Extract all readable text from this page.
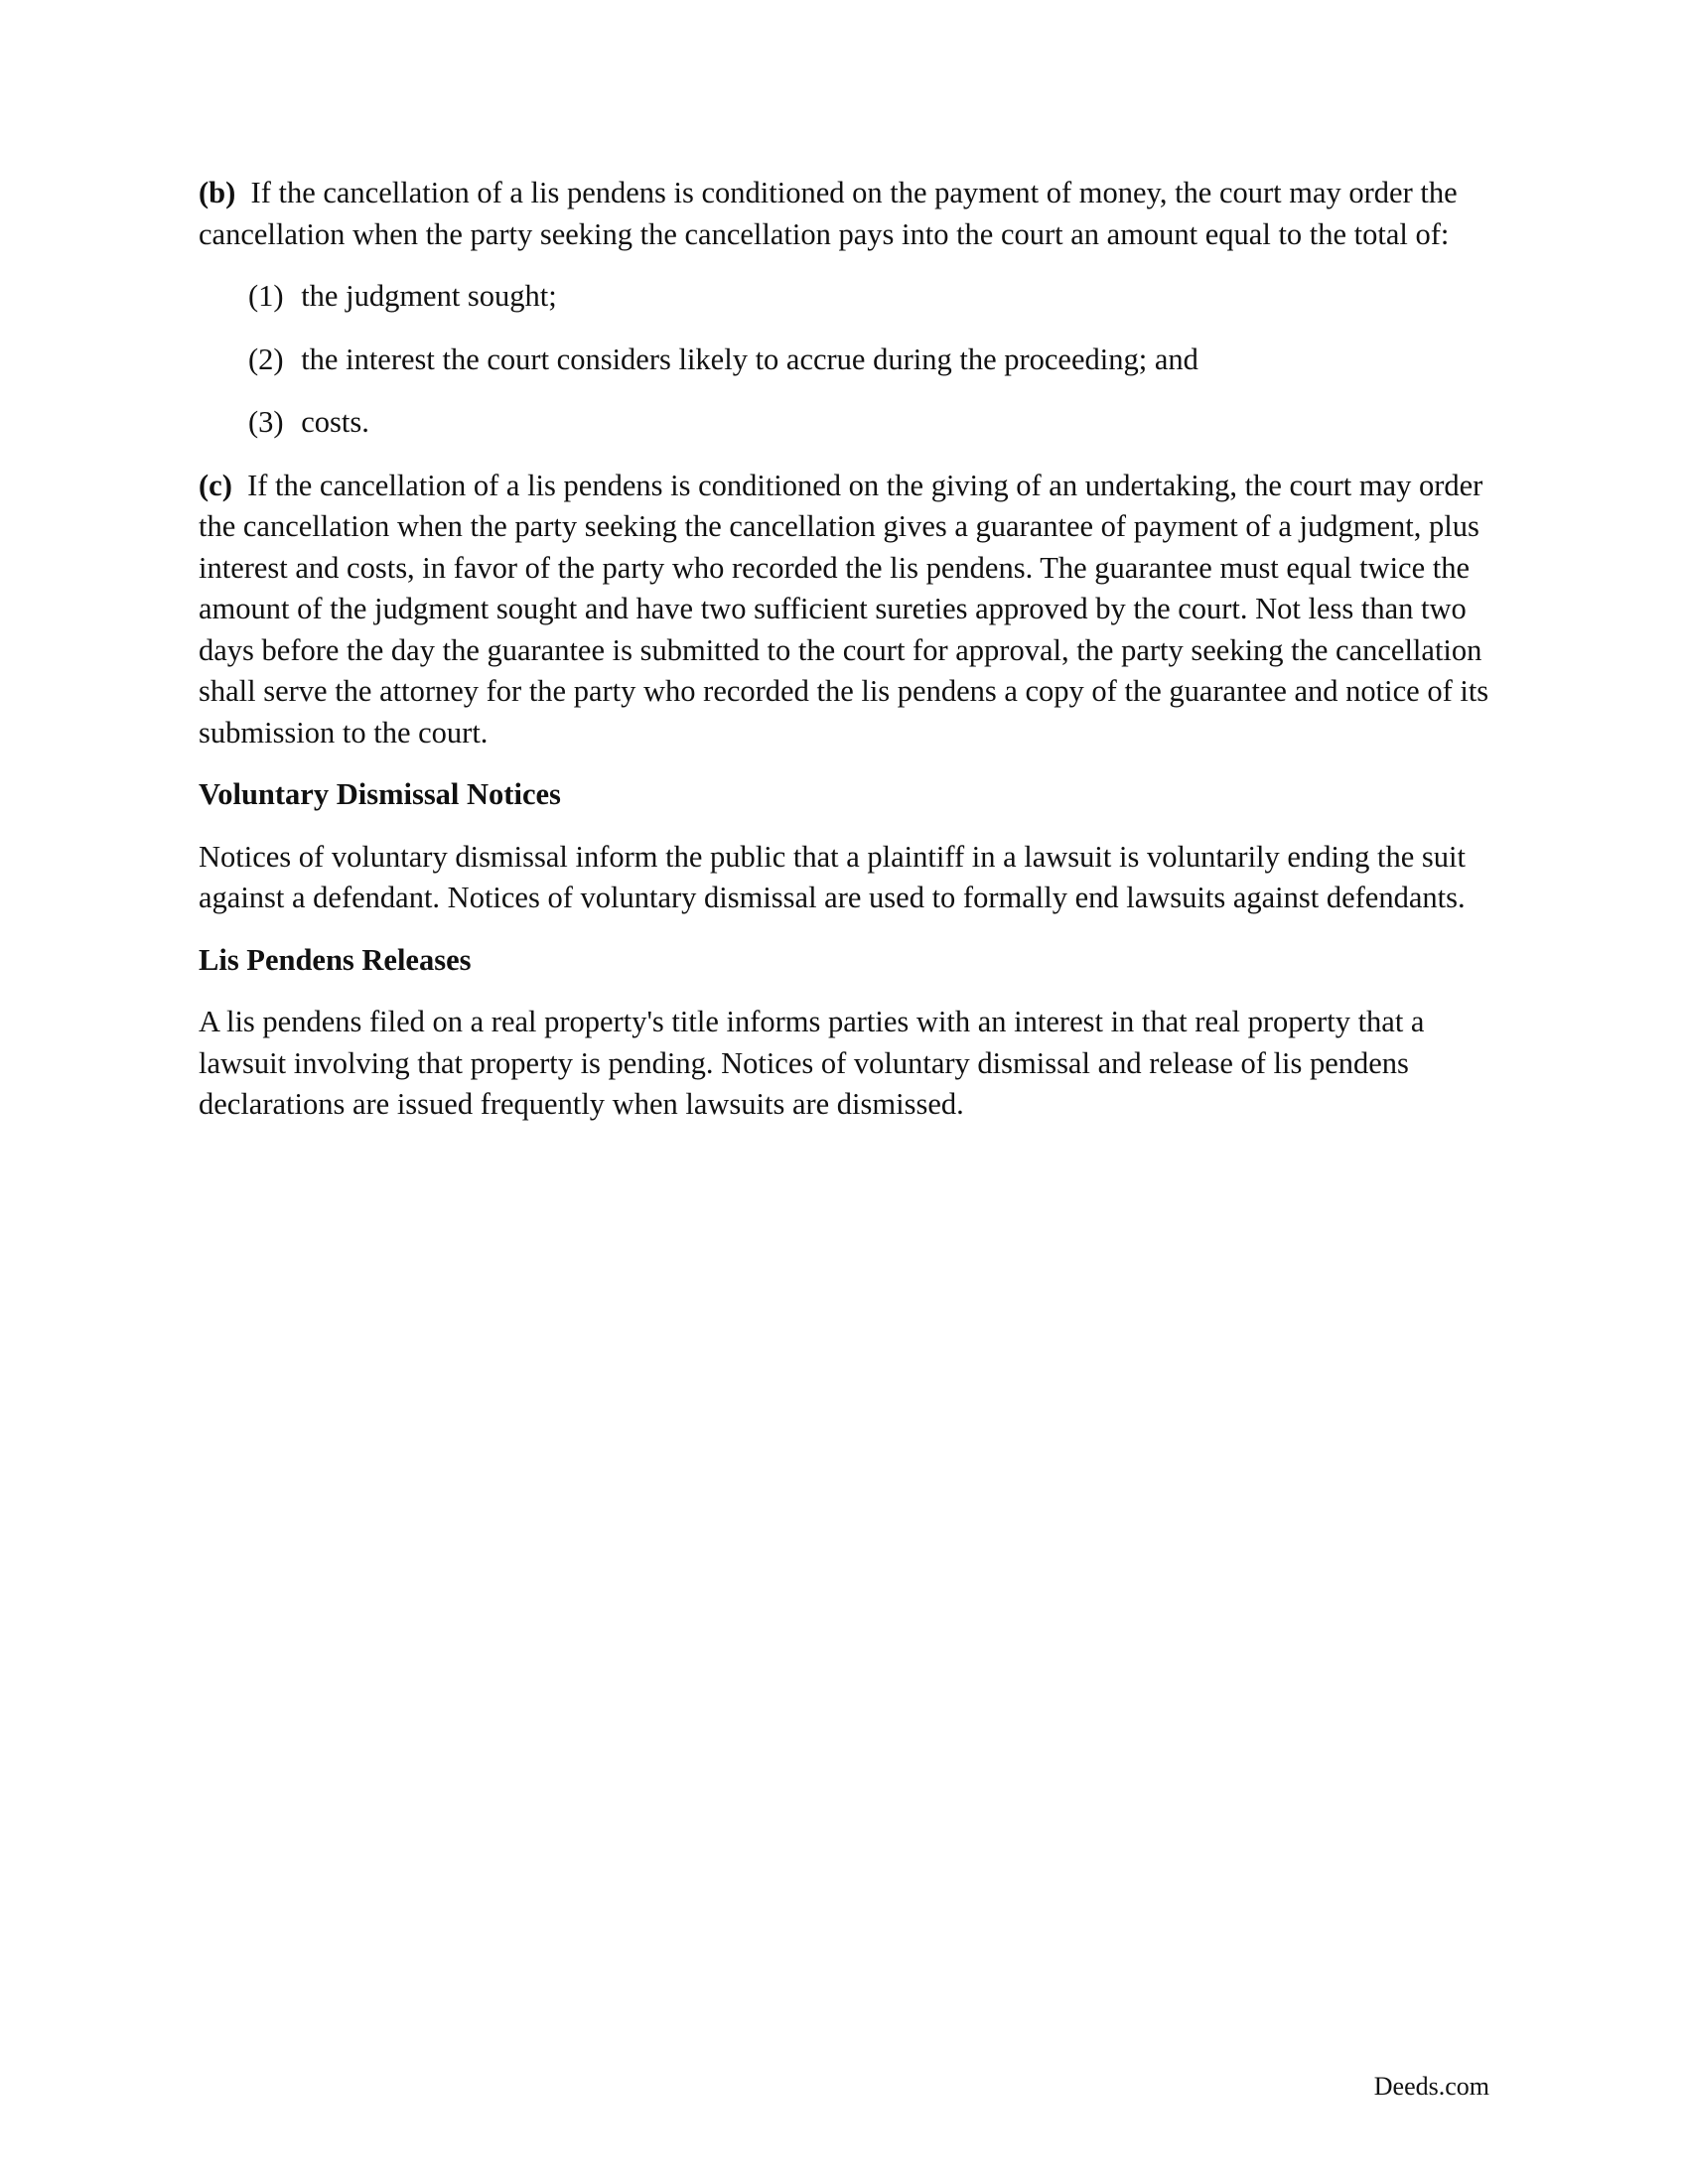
(b) If the cancellation of a lis pendens is conditioned on the payment of money, the court may order the cancellation when the party seeking the cancellation pays into the court an amount equal to the total of:

(1) the judgment sought;
(2) the interest the court considers likely to accrue during the proceeding; and
(3) costs.

(c) If the cancellation of a lis pendens is conditioned on the giving of an undertaking, the court may order the cancellation when the party seeking the cancellation gives a guarantee of payment of a judgment, plus interest and costs, in favor of the party who recorded the lis pendens. The guarantee must equal twice the amount of the judgment sought and have two sufficient sureties approved by the court. Not less than two days before the day the guarantee is submitted to the court for approval, the party seeking the cancellation shall serve the attorney for the party who recorded the lis pendens a copy of the guarantee and notice of its submission to the court.

Voluntary Dismissal Notices

Notices of voluntary dismissal inform the public that a plaintiff in a lawsuit is voluntarily ending the suit against a defendant. Notices of voluntary dismissal are used to formally end lawsuits against defendants.

Lis Pendens Releases

A lis pendens filed on a real property's title informs parties with an interest in that real property that a lawsuit involving that property is pending. Notices of voluntary dismissal and release of lis pendens declarations are issued frequently when lawsuits are dismissed.

Deeds.com
